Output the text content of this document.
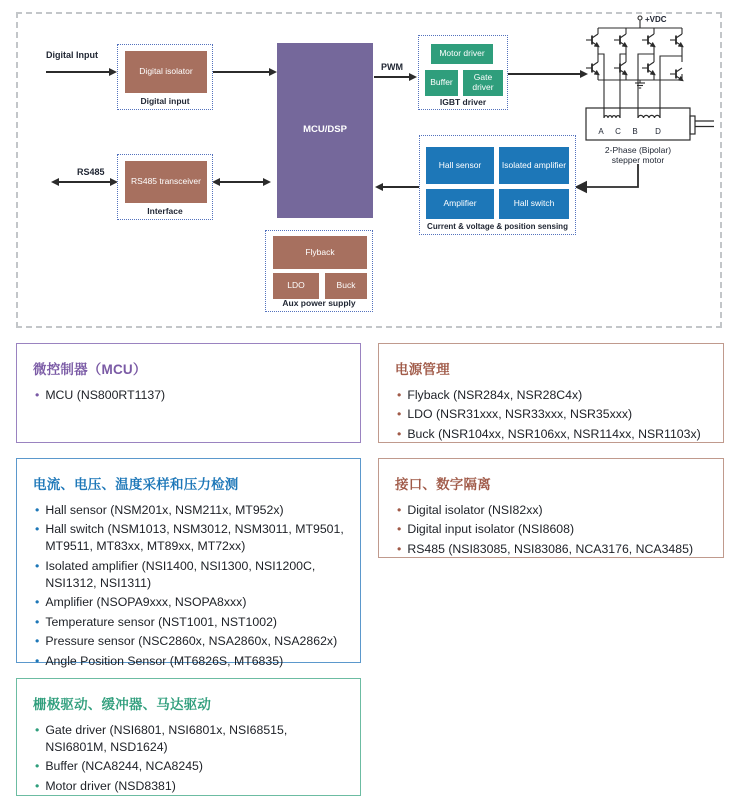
Digital Input
RS485
PWM
Digital isolator
Digital input
RS485 transceiver
Interface
MCU/DSP
Motor driver
Buffer	Gate driver
IGBT driver
A C B D
+VDC
2-Phase (Bipolar)
stepper motor
Hall sensor Isolated amplifier
Amplifier	Hall switch
Current & voltage & position sensing
Flyback
LDO	Buck
Aux power supply
微控制器（MCU）
• MCU (NS800RT1137)
电源管理
• Flyback (NSR284x, NSR28C4x)
• LDO (NSR31xxx, NSR33xxx, NSR35xxx)
• Buck (NSR104xx, NSR106xx, NSR114xx, NSR1103x)
电流、电压、温度采样和压力检测
• Hall sensor (NSM201x, NSM211x, MT952x)
• Hall switch (NSM1013, NSM3012, NSM3011, MT9501, MT9511, MT83xx, MT89xx, MT72xx)
• Isolated amplifier (NSI1400, NSI1300, NSI1200C, NSI1312, NSI1311)
• Amplifier (NSOPA9xxx, NSOPA8xxx)
• Temperature sensor (NST1001, NST1002)
• Pressure sensor (NSC2860x, NSA2860x, NSA2862x)
• Angle Position Sensor (MT6826S, MT6835)
接口、数字隔离
• Digital isolator (NSI82xx)
• Digital input isolator (NSI8608)
• RS485 (NSI83085, NSI83086, NCA3176, NCA3485)
栅极驱动、缓冲器、马达驱动
• Gate driver (NSI6801, NSI6801x, NSI68515, NSI6801M, NSD1624)
• Buffer (NCA8244, NCA8245)
• Motor driver (NSD8381)
